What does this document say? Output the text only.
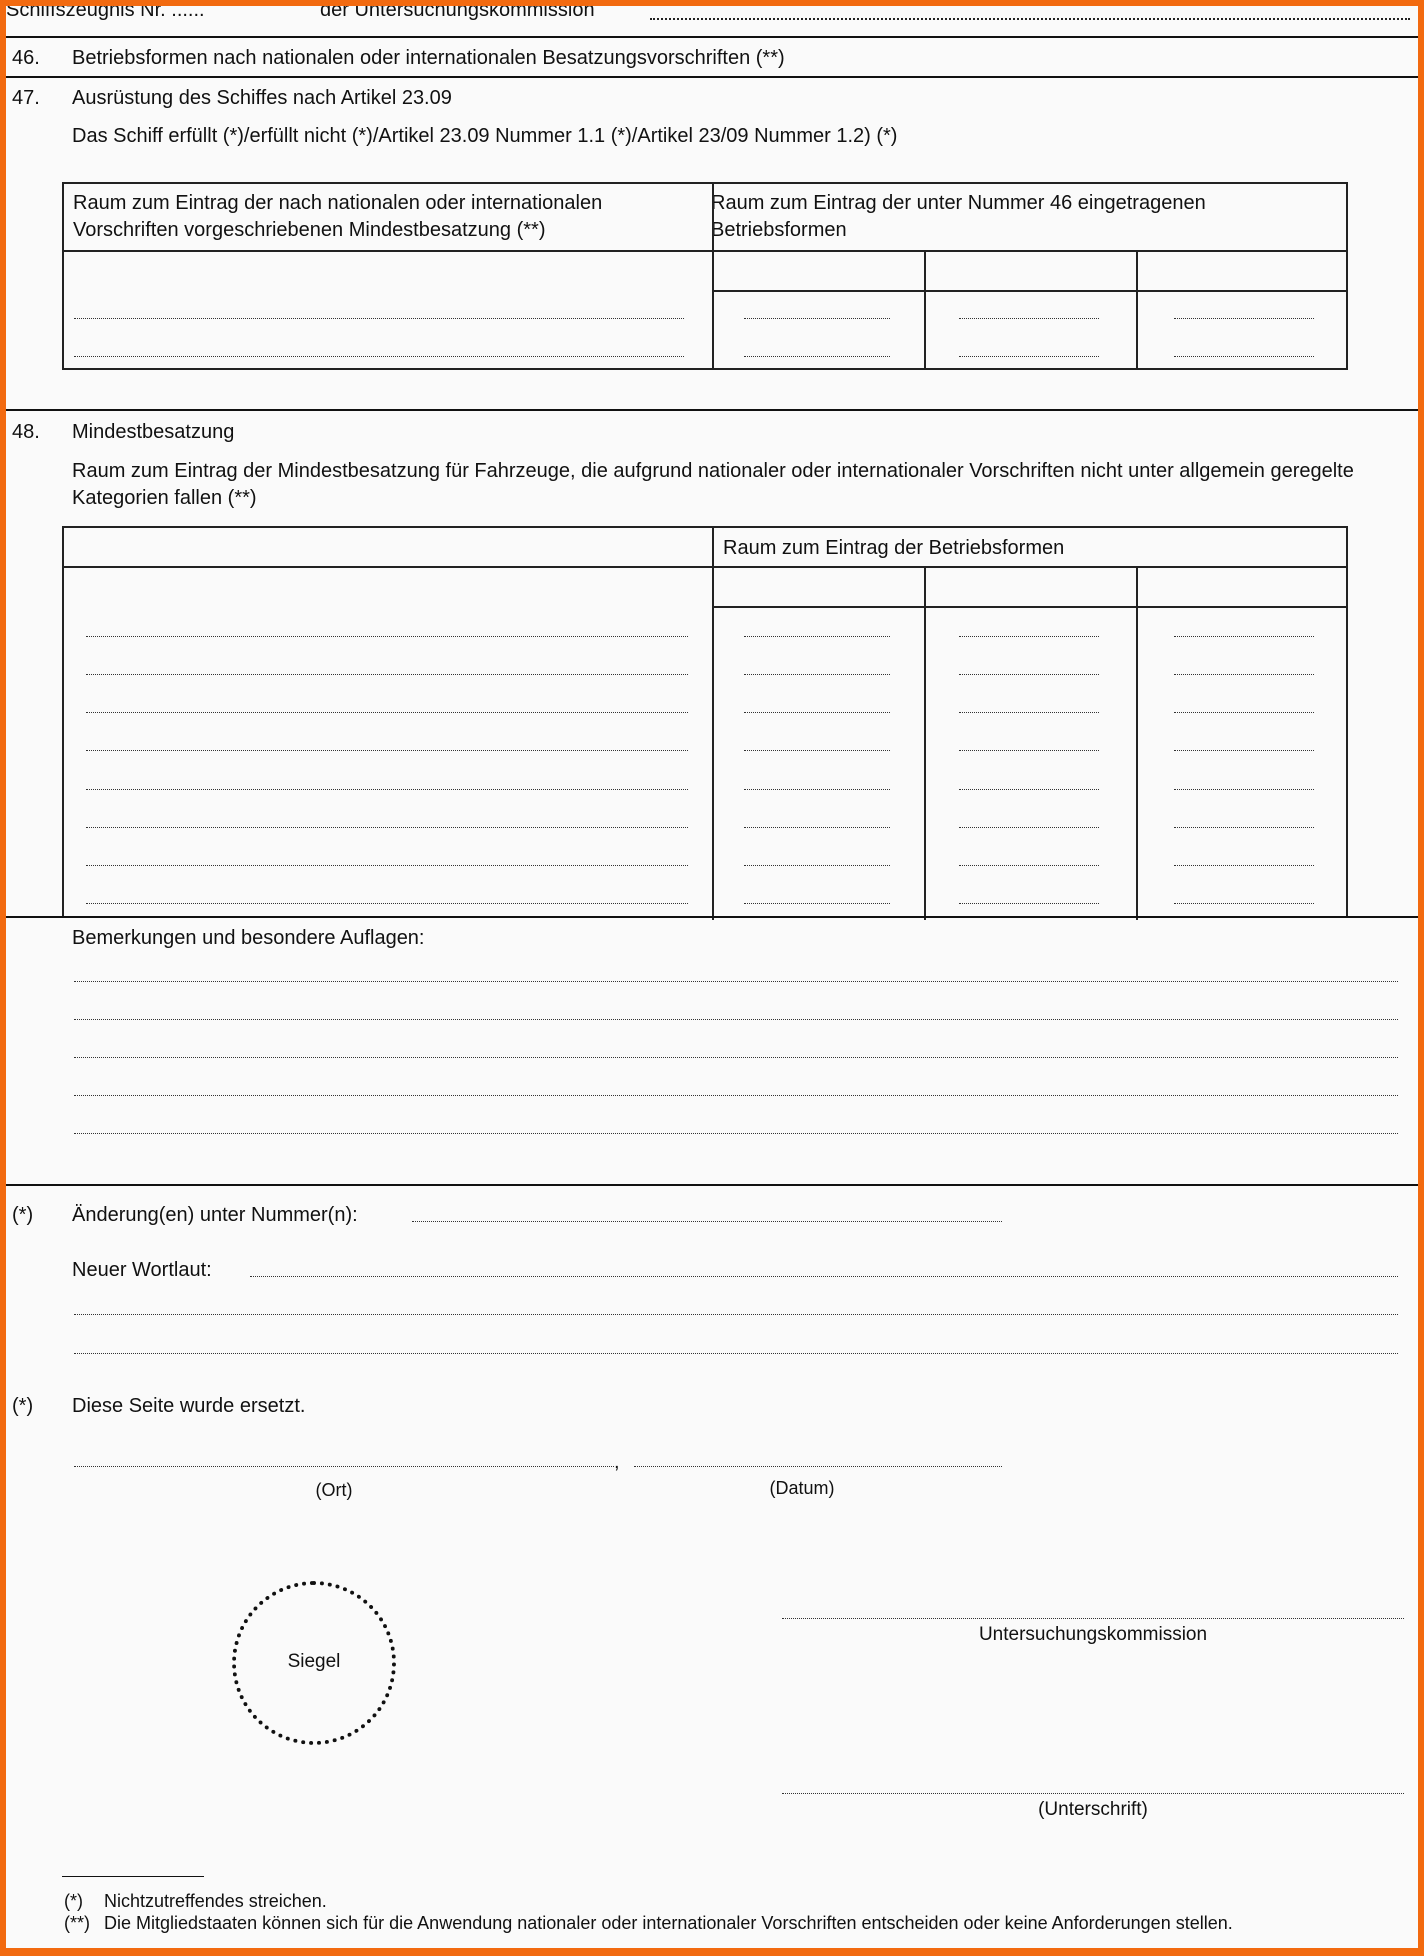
Schiffszeugnis Nr. ......	der Untersuchungskommission
46. Betriebsformen nach nationalen oder internationalen Besatzungsvorschriften (**)
47. Ausrüstung des Schiffes nach Artikel 23.09
Das Schiff erfüllt (*)/erfüllt nicht (*)/Artikel 23.09 Nummer 1.1 (*)/Artikel 23/09 Nummer 1.2) (*)
Raum zum Eintrag der nach nationalen oder internationalen Vorschriften vorgeschriebenen Mindestbesatzung (**)
Raum zum Eintrag der unter Nummer 46 eingetragenen Betriebsformen
48. Mindestbesatzung
Raum zum Eintrag der Mindestbesatzung für Fahrzeuge, die aufgrund nationaler oder internationaler Vorschriften nicht unter allgemein geregelte Kategorien fallen (**)
Raum zum Eintrag der Betriebsformen
Bemerkungen und besondere Auflagen:
(*) Änderung(en) unter Nummer(n):
Neuer Wortlaut:
(*) Diese Seite wurde ersetzt.
,
(Ort)	(Datum)
Siegel
Untersuchungskommission
(Unterschrift)
(*) Nichtzutreffendes streichen.
(**) Die Mitgliedstaaten können sich für die Anwendung nationaler oder internationaler Vorschriften entscheiden oder keine Anforderungen stellen.
